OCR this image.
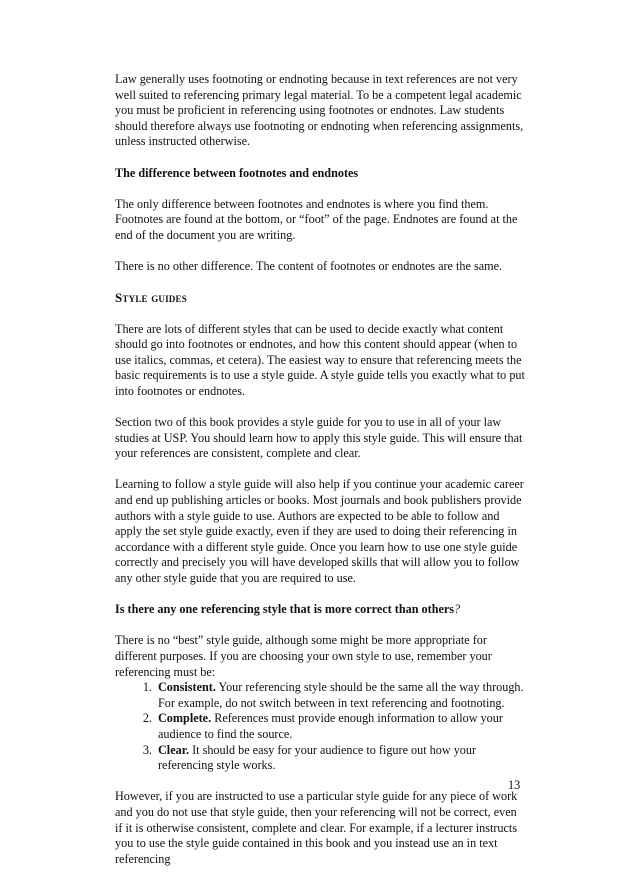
Law generally uses footnoting or endnoting because in text references are not very well suited to referencing primary legal material. To be a competent legal academic you must be proficient in referencing using footnotes or endnotes. Law students should therefore always use footnoting or endnoting when referencing assignments, unless instructed otherwise.

The difference between footnotes and endnotes

The only difference between footnotes and endnotes is where you find them. Footnotes are found at the bottom, or “foot” of the page. Endnotes are found at the end of the document you are writing.

There is no other difference. The content of footnotes or endnotes are the same.

Style guides

There are lots of different styles that can be used to decide exactly what content should go into footnotes or endnotes, and how this content should appear (when to use italics, commas, et cetera). The easiest way to ensure that referencing meets the basic requirements is to use a style guide. A style guide tells you exactly what to put into footnotes or endnotes.

Section two of this book provides a style guide for you to use in all of your law studies at USP. You should learn how to apply this style guide. This will ensure that your references are consistent, complete and clear.

Learning to follow a style guide will also help if you continue your academic career and end up publishing articles or books. Most journals and book publishers provide authors with a style guide to use. Authors are expected to be able to follow and apply the set style guide exactly, even if they are used to doing their referencing in accordance with a different style guide. Once you learn how to use one style guide correctly and precisely you will have developed skills that will allow you to follow any other style guide that you are required to use.

Is there any one referencing style that is more correct than others?

There is no “best” style guide, although some might be more appropriate for different purposes. If you are choosing your own style to use, remember your referencing must be:

1. Consistent. Your referencing style should be the same all the way through. For example, do not switch between in text referencing and footnoting.
2. Complete. References must provide enough information to allow your audience to find the source.
3. Clear. It should be easy for your audience to figure out how your referencing style works.

However, if you are instructed to use a particular style guide for any piece of work and you do not use that style guide, then your referencing will not be correct, even if it is otherwise consistent, complete and clear. For example, if a lecturer instructs you to use the style guide contained in this book and you instead use an in text referencing

13
